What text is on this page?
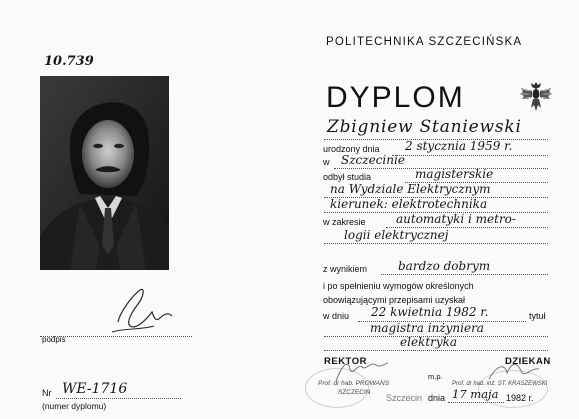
10.739
POLITECHNIKA SZCZECIŃSKA
DYPLOM
podpis
Nr WE-1716
(numer dyplomu)
Zbigniew Staniewski
urodzony dnia 2 stycznia 1959 r.
w Szczecinie
odbył studia	magisterskie
na Wydziale Elektrycznym
kierunek: elektrotechnika
w zakresie	automatyki i metro-
logii elektrycznej
z wynikiem	bardzo dobrym
i po spełnieniu wymogów określonych
obowiązującymi przepisami uzyskał
w dniu 22 kwietnia 1982 r.	tytuł
magistra inżyniera
elektryka
REKTOR	DZIEKAN
m.p.
Prof. dr hab. PROWANS
SZCZECIN
Prof. dr hab. inż. ST. KRASZEWSKI
Szczecin dnia 17 maja 1982 r.
